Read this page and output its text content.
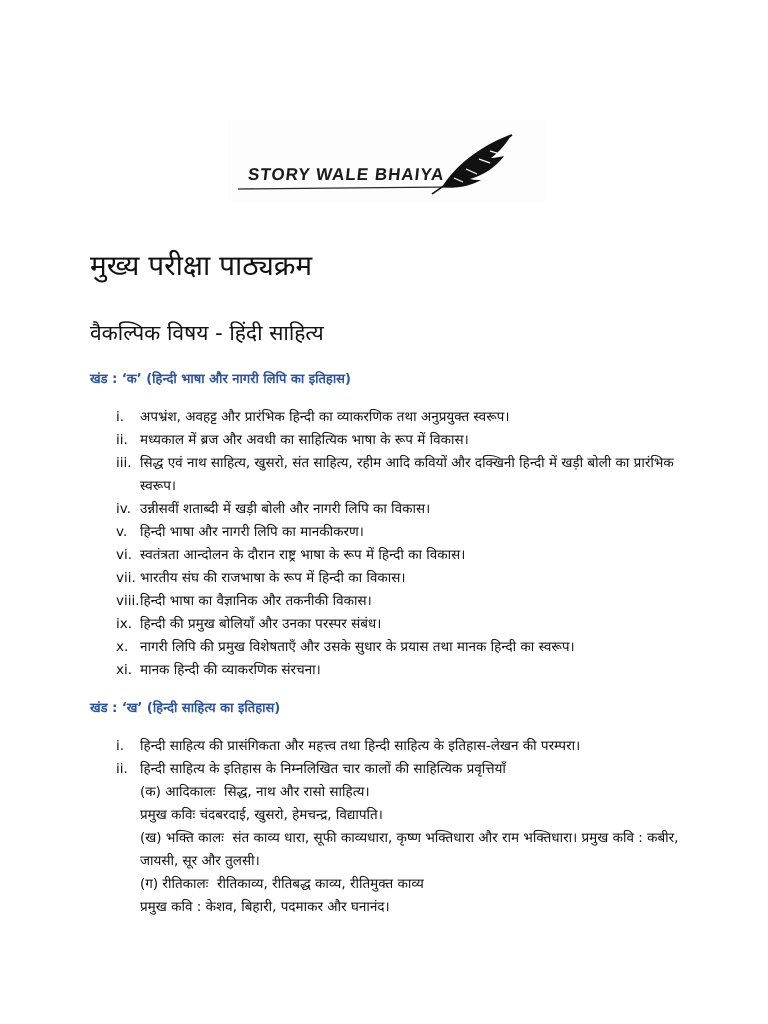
STORY WALE BHAIYA
मुख्य परीक्षा पाठ्यक्रम
वैकल्पिक विषय - हिंदी साहित्य
खंड : ‘क’ (हिन्दी भाषा और नागरी लिपि का इतिहास)
i.	अपभ्रंश, अवहट्ट और प्रारंभिक हिन्दी का व्याकरणिक तथा अनुप्रयुक्त स्वरूप।
ii. मध्यकाल में ब्रज और अवधी का साहित्यिक भाषा के रूप में विकास।
iii. सिद्ध एवं नाथ साहित्य, खुसरो, संत साहित्य, रहीम आदि कवियों और दक्खिनी हिन्दी में खड़ी बोली का प्रारंभिक स्वरूप।
iv. उन्नीसवीं शताब्दी में खड़ी बोली और नागरी लिपि का विकास।
v. हिन्दी भाषा और नागरी लिपि का मानकीकरण।
vi. स्वतंत्रता आन्दोलन के दौरान राष्ट्र भाषा के रूप में हिन्दी का विकास।
vii. भारतीय संघ की राजभाषा के रूप में हिन्दी का विकास।
viii. हिन्दी भाषा का वैज्ञानिक और तकनीकी विकास।
ix. हिन्दी की प्रमुख बोलियाँ और उनका परस्पर संबंध।
x. नागरी लिपि की प्रमुख विशेषताएँ और उसके सुधार के प्रयास तथा मानक हिन्दी का स्वरूप।
xi. मानक हिन्दी की व्याकरणिक संरचना।
खंड : ‘ख’ (हिन्दी साहित्य का इतिहास)
i.	हिन्दी साहित्य की प्रासंगिकता और महत्त्व तथा हिन्दी साहित्य के इतिहास-लेखन की परम्परा।
ii. हिन्दी साहित्य के इतिहास के निम्नलिखित चार कालों की साहित्यिक प्रवृत्तियाँ
(क) आदिकालः  सिद्ध, नाथ और रासो साहित्य।
प्रमुख कविः चंदबरदाई, खुसरो, हेमचन्द्र, विद्यापति।
(ख) भक्ति कालः  संत काव्य धारा, सूफी काव्यधारा, कृष्ण भक्तिधारा और राम भक्तिधारा। प्रमुख कवि : कबीर, जायसी, सूर और तुलसी।
(ग) रीतिकालः  रीतिकाव्य, रीतिबद्ध काव्य, रीतिमुक्त काव्य
प्रमुख कवि : केशव, बिहारी, पदमाकर और घनानंद।
